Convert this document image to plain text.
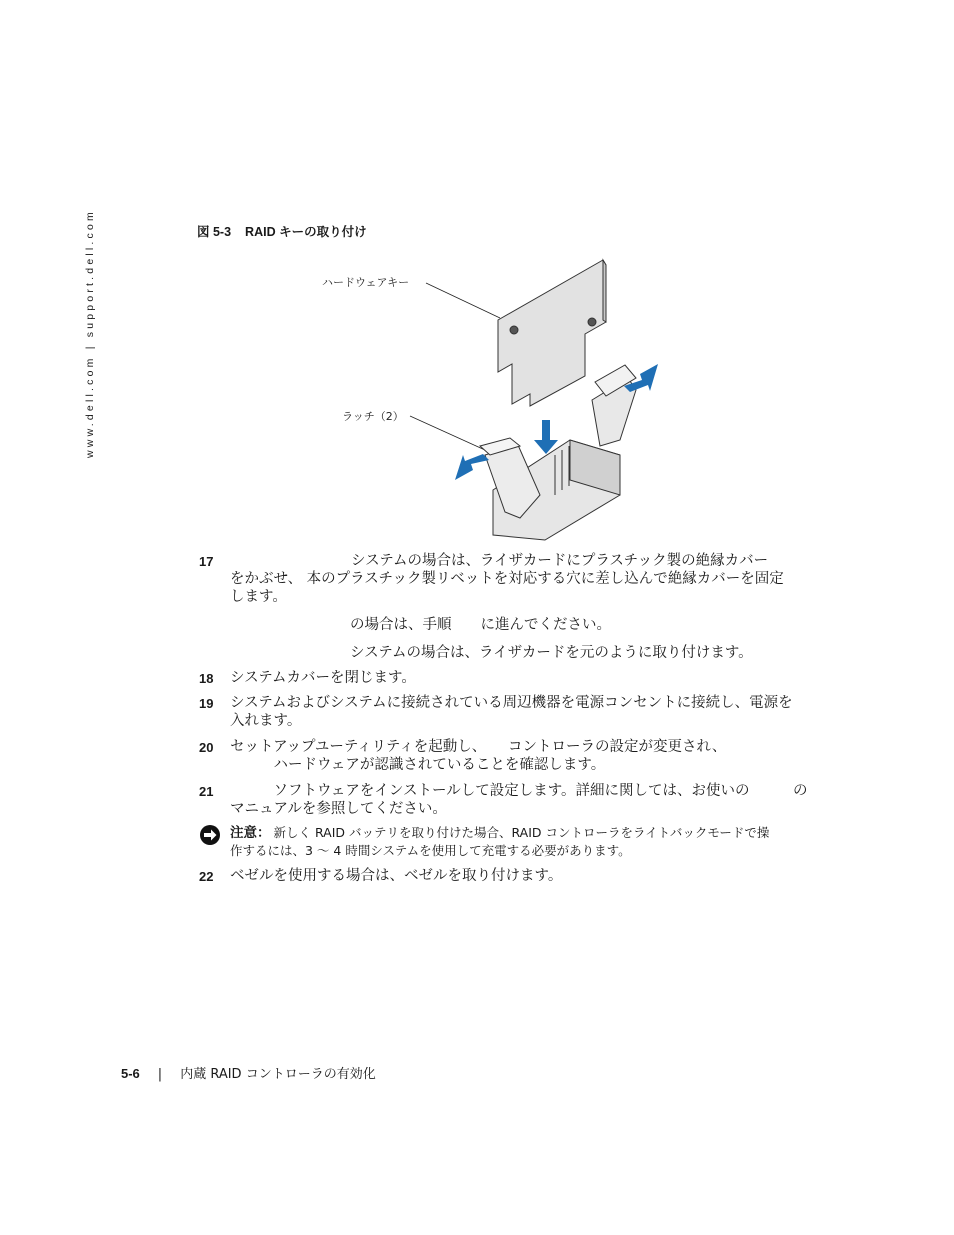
www.dell.com | support.dell.com	図 5-3 RAID キーの取り付け
ハードウェアキー
ラッチ（2）
17	システムの場合は、ライザカードにプラスチック製の絶縁カバー
をかぶせ、 本のプラスチック製リベットを対応する穴に差し込んで絶縁カバーを固定
します。
の場合は、手順　　に進んでください。
システムの場合は、ライザカードを元のように取り付けます。
18	システムカバーを閉じます。
19	システムおよびシステムに接続されている周辺機器を電源コンセントに接続し、電源を
入れます。
20	セットアップユーティリティを起動し、　　コントローラの設定が変更され、
　　　ハードウェアが認識されていることを確認します。
21	　　　ソフトウェアをインストールして設定します。詳細に関しては、お使いの　　　の
マニュアルを参照してください。
注意： 新しく RAID バッテリを取り付けた場合、RAID コントローラをライトバックモードで操
作するには、3 〜 4 時間システムを使用して充電する必要があります。
22	ベゼルを使用する場合は、ベゼルを取り付けます。
5-6 | 内蔵 RAID コントローラの有効化
